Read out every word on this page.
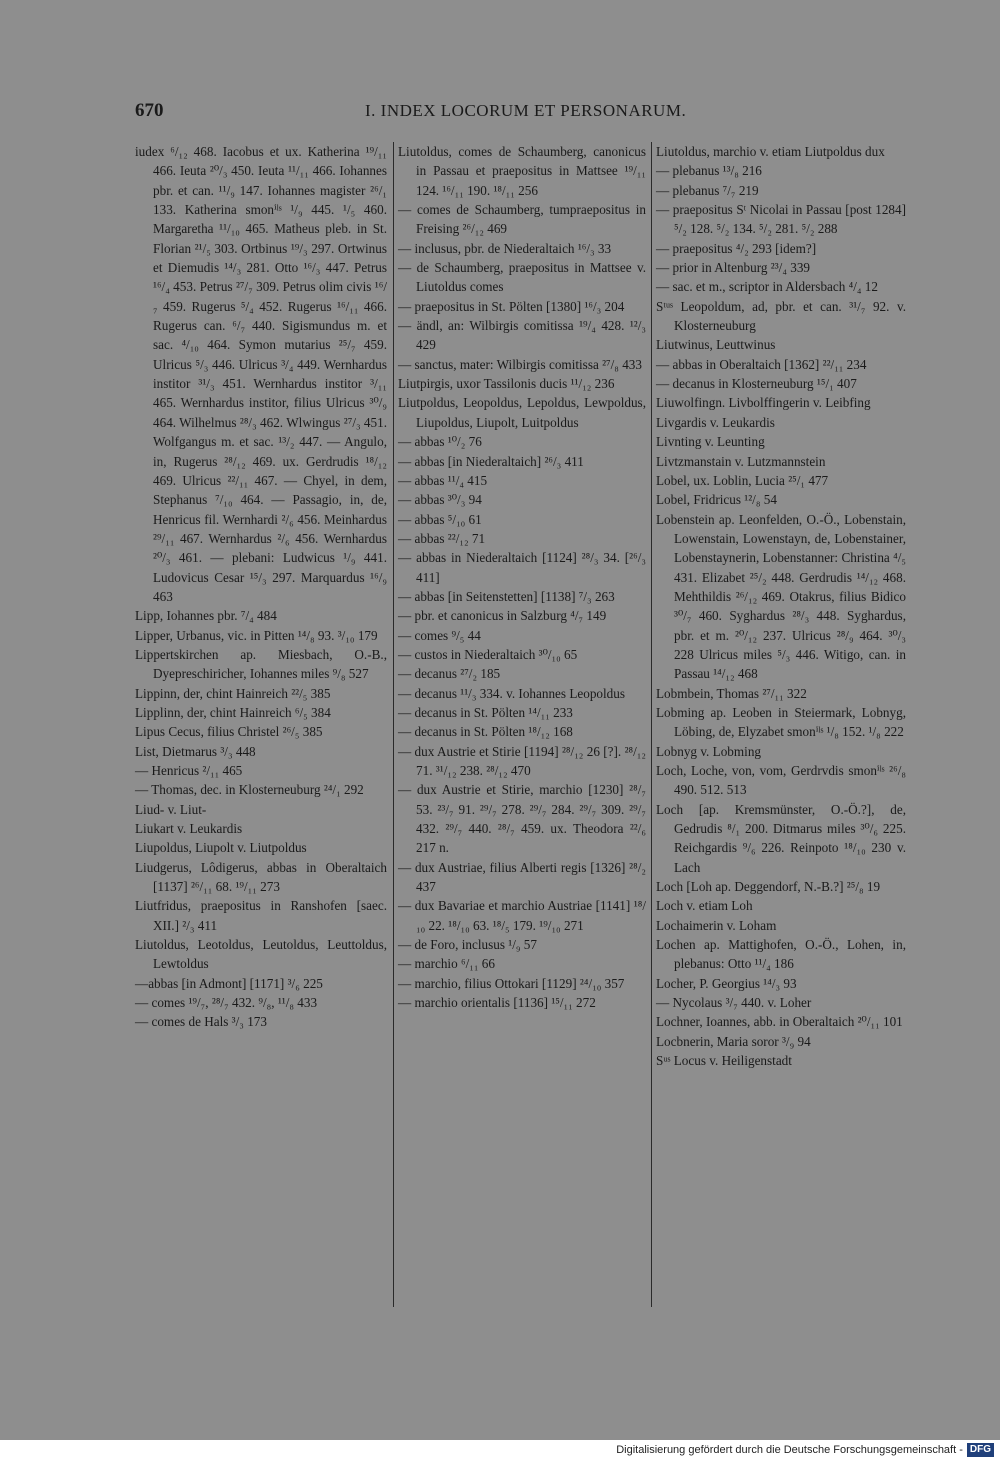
670	I. INDEX LOCORUM ET PERSONARUM.

iudex ⁶/₁₂ 468. Iacobus et ux. Katherina ¹⁹/₁₁ 466. Ieuta ²⁰/₃ 450. Ieuta ¹¹/₁₁ 466. Iohannes pbr. et can. ¹¹/₉ 147. Iohannes magister ²⁶/₁ 133. Katherina smonⁱˡˢ ¹/₉ 445. ¹/₅ 460. Margaretha ¹¹/₁₀ 465. Matheus pleb. in St. Florian ²¹/₅ 303. Ortbinus ¹⁹/₃ 297. Ortwinus et Diemudis ¹⁴/₃ 281. Otto ¹⁶/₃ 447. Petrus ¹⁶/₄ 453. Petrus ²⁷/₇ 309. Petrus olim civis ¹⁶/₇ 459. Rugerus ⁵/₄ 452. Rugerus ¹⁶/₁₁ 466. Rugerus can. ⁶/₇ 440. Sigismundus m. et sac. ⁴/₁₀ 464. Symon mutarius ²⁵/₇ 459. Ulricus ⁵/₃ 446. Ulricus ³/₄ 449. Wernhardus institor ³¹/₃ 451. Wernhardus institor ³/₁₁ 465. Wernhardus institor, filius Ulricus ³⁰/₉ 464. Wilhelmus ²⁸/₃ 462. Wlwingus ²⁷/₃ 451. Wolfgangus m. et sac. ¹³/₂ 447. — Angulo, in, Rugerus ²⁸/₁₂ 469. ux. Gerdrudis ¹⁸/₁₂ 469. Ulricus ²²/₁₁ 467. — Chyel, in dem, Stephanus ⁷/₁₀ 464. — Passagio, in, de, Henricus fil. Wernhardi ²/₆ 456. Meinhardus ²⁹/₁₁ 467. Wernhardus ²/₆ 456. Wernhardus ²⁰/₃ 461. — plebani: Ludwicus ¹/₉ 441. Ludovicus Cesar ¹⁵/₃ 297. Marquardus ¹⁶/₉ 463

Lipp, Iohannes pbr. ⁷/₄ 484

Lipper, Urbanus, vic. in Pitten ¹⁴/₈ 93. ³/₁₀ 179

Lippertskirchen ap. Miesbach, O.-B., Dyepreschiricher, Iohannes miles ⁹/₈ 527

Lippinn, der, chint Hainreich ²²/₅ 385

Lipplinn, der, chint Hainreich ⁶/₅ 384

Lipus Cecus, filius Christel ²⁶/₅ 385

List, Dietmarus ³/₃ 448

— Henricus ²/₁₁ 465

— Thomas, dec. in Klosterneuburg ²⁴/₁ 292

Liud- v. Liut-

Liukart v. Leukardis

Liupoldus, Liupolt v. Liutpoldus

Liudgerus, Lôdigerus, abbas in Oberaltaich [1137] ²⁶/₁₁ 68. ¹⁹/₁₁ 273

Liutfridus, praepositus in Ranshofen [saec. XII.] ²/₃ 411

Liutoldus, Leotoldus, Leutoldus, Leuttoldus, Lewtoldus

—abbas [in Admont] [1171] ³/₆ 225

— comes ¹⁹/₇, ²⁸/₇ 432. ⁹/₈, ¹¹/₈ 433

— comes de Hals ³/₃ 173

Liutoldus, comes de Schaumberg, canonicus in Passau et praepositus in Mattsee ¹⁹/₁₁ 124. ¹⁶/₁₁ 190. ¹⁸/₁₁ 256

— comes de Schaumberg, tumpraepositus in Freising ²⁶/₁₂ 469

— inclusus, pbr. de Niederaltaich ¹⁶/₃ 33

— de Schaumberg, praepositus in Mattsee v. Liutoldus comes

— praepositus in St. Pölten [1380] ¹⁶/₃ 204

— ändl, an: Wilbirgis comitissa ¹⁹/₄ 428. ¹²/₃ 429

— sanctus, mater: Wilbirgis comitissa ²⁷/₈ 433

Liutpirgis, uxor Tassilonis ducis ¹¹/₁₂ 236

Liutpoldus, Leopoldus, Lepoldus, Lewpoldus, Liupoldus, Liupolt, Luitpoldus

— abbas ¹⁰/₂ 76

— abbas [in Niederaltaich] ²⁶/₃ 411

— abbas ¹¹/₄ 415

— abbas ³⁰/₃ 94

— abbas ⁵/₁₀ 61

— abbas ²²/₁₂ 71

— abbas in Niederaltaich [1124] ²⁸/₃ 34. [²⁶/₃ 411]

— abbas [in Seitenstetten] [1138] ⁷/₃ 263

— pbr. et canonicus in Salzburg ⁴/₇ 149

— comes ⁹/₅ 44

— custos in Niederaltaich ³⁰/₁₀ 65

— decanus ²⁷/₂ 185

— decanus ¹¹/₃ 334. v. Iohannes Leopoldus

— decanus in St. Pölten ¹⁴/₁₁ 233

— decanus in St. Pölten ¹⁸/₁₂ 168

— dux Austrie et Stirie [1194] ²⁸/₁₂ 26 [?]. ²⁸/₁₂ 71. ³¹/₁₂ 238. ²⁸/₁₂ 470

— dux Austrie et Stirie, marchio [1230] ²⁸/₇ 53. ²³/₇ 91. ²⁹/₇ 278. ²⁹/₇ 284. ²⁹/₇ 309. ²⁹/₇ 432. ²⁹/₇ 440. ²⁸/₇ 459. ux. Theodora ²²/₆ 217 n.

— dux Austriae, filius Alberti regis [1326] ²⁸/₂ 437

— dux Bavariae et marchio Austriae [1141] ¹⁸/₁₀ 22. ¹⁸/₁₀ 63. ¹⁸/₅ 179. ¹⁹/₁₀ 271

— de Foro, inclusus ¹/₉ 57

— marchio ⁶/₁₁ 66

— marchio, filius Ottokari [1129] ²⁴/₁₀ 357

— marchio orientalis [1136] ¹⁵/₁₁ 272

Liutoldus, marchio v. etiam Liutpoldus dux

— plebanus ¹³/₈ 216

— plebanus ⁷/₇ 219

— praepositus Sᵗ Nicolai in Passau [post 1284] ⁵/₂ 128. ⁵/₂ 134. ⁵/₂ 281. ⁵/₂ 288

— praepositus ⁴/₂ 293 [idem?]

— prior in Altenburg ²³/₄ 339

— sac. et m., scriptor in Aldersbach ⁴/₄ 12

Sᵗᵘˢ Leopoldum, ad, pbr. et can. ³¹/₇ 92. v. Klosterneuburg

Liutwinus, Leuttwinus

— abbas in Oberaltaich [1362] ²²/₁₁ 234

— decanus in Klosterneuburg ¹⁵/₁ 407

Liuwolfingn. Livbolffingerin v. Leibfing

Livgardis v. Leukardis

Livnting v. Leunting

Livtzmanstain v. Lutzmannstein

Lobel, ux. Loblin, Lucia ²⁵/₁ 477

Lobel, Fridricus ¹²/₈ 54

Lobenstein ap. Leonfelden, O.-Ö., Lobenstain, Lowenstain, Lowenstayn, de, Lobenstainer, Lobenstaynerin, Lobenstanner: Christina ⁴/₅ 431. Elizabet ²⁵/₂ 448. Gerdrudis ¹⁴/₁₂ 468. Mehthildis ²⁶/₁₂ 469. Otakrus, filius Bidico ³⁰/₇ 460. Syghardus ²⁸/₃ 448. Syghardus, pbr. et m. ²⁰/₁₂ 237. Ulricus ²⁸/₉ 464. ³⁰/₃ 228 Ulricus miles ⁵/₃ 446. Witigo, can. in Passau ¹⁴/₁₂ 468

Lobmbein, Thomas ²⁷/₁₁ 322

Lobming ap. Leoben in Steiermark, Lobnyg, Löbing, de, Elyzabet smonⁱˡˢ ¹/₈ 152. ¹/₈ 222

Lobnyg v. Lobming

Loch, Loche, von, vom, Gerdrvdis smonⁱˡˢ ²⁶/₈ 490. 512. 513

Loch [ap. Kremsmünster, O.-Ö.?], de, Gedrudis ⁸/₁ 200. Ditmarus miles ³⁰/₆ 225. Reichgardis ⁹/₆ 226. Reinpoto ¹⁸/₁₀ 230 v. Lach

Loch [Loh ap. Deggendorf, N.-B.?] ²⁵/₈ 19

Loch v. etiam Loh

Lochaimerin v. Loham

Lochen ap. Mattighofen, O.-Ö., Lohen, in, plebanus: Otto ¹¹/₄ 186

Locher, P. Georgius ¹⁴/₃ 93

— Nycolaus ³/₇ 440. v. Loher

Lochner, Ioannes, abb. in Oberaltaich ²⁰/₁₁ 101

Locbnerin, Maria soror ³/₉ 94

Sᵘˢ Locus v. Heiligenstadt

Digitalisierung gefördert durch die Deutsche Forschungsgemeinschaft - DFG
